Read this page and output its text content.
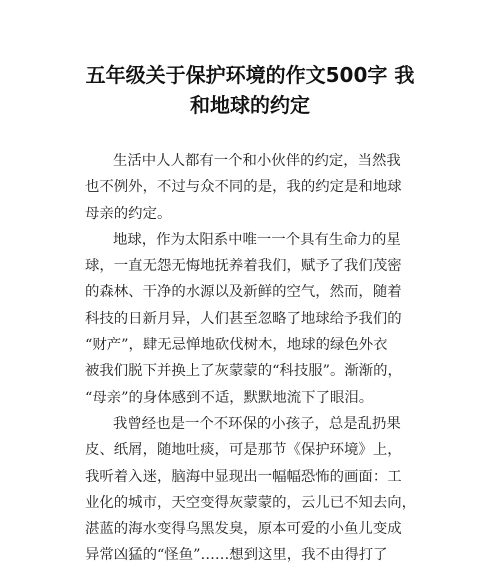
五年级关于保护环境的作文500字 我
和地球的约定
生活中人人都有一个和小伙伴的约定，当然我
也不例外，不过与众不同的是，我的约定是和地球
母亲的约定。
地球，作为太阳系中唯一一个具有生命力的星
球，一直无怨无悔地抚养着我们，赋予了我们茂密
的森林、干净的水源以及新鲜的空气，然而，随着
科技的日新月异，人们甚至忽略了地球给予我们的
“财产”，肆无忌惮地砍伐树木，地球的绿色外衣
被我们脱下并换上了灰蒙蒙的“科技服”。渐渐的，
“母亲”的身体感到不适，默默地流下了眼泪。
我曾经也是一个不环保的小孩子，总是乱扔果
皮、纸屑，随地吐痰，可是那节《保护环境》上，
我听着入迷，脑海中显现出一幅幅恐怖的画面：工
业化的城市，天空变得灰蒙蒙的，云儿已不知去向，
湛蓝的海水变得乌黑发臭，原本可爱的小鱼儿变成
异常凶猛的“怪鱼”……想到这里，我不由得打了
